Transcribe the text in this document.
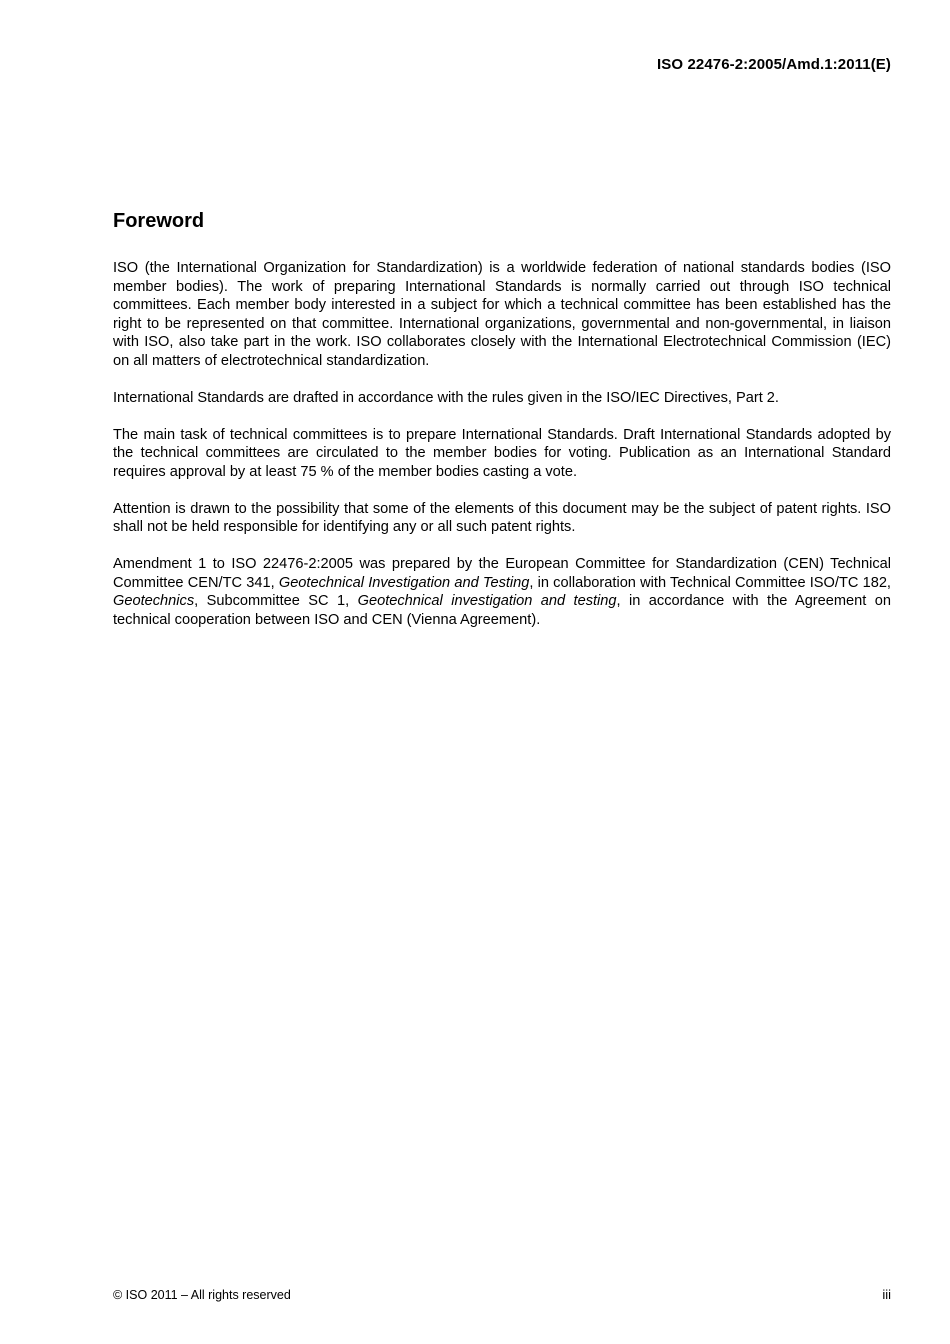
ISO 22476-2:2005/Amd.1:2011(E)
Foreword

ISO (the International Organization for Standardization) is a worldwide federation of national standards bodies (ISO member bodies). The work of preparing International Standards is normally carried out through ISO technical committees. Each member body interested in a subject for which a technical committee has been established has the right to be represented on that committee. International organizations, governmental and non-governmental, in liaison with ISO, also take part in the work. ISO collaborates closely with the International Electrotechnical Commission (IEC) on all matters of electrotechnical standardization.

International Standards are drafted in accordance with the rules given in the ISO/IEC Directives, Part 2.

The main task of technical committees is to prepare International Standards. Draft International Standards adopted by the technical committees are circulated to the member bodies for voting. Publication as an International Standard requires approval by at least 75 % of the member bodies casting a vote.

Attention is drawn to the possibility that some of the elements of this document may be the subject of patent rights. ISO shall not be held responsible for identifying any or all such patent rights.

Amendment 1 to ISO 22476-2:2005 was prepared by the European Committee for Standardization (CEN) Technical Committee CEN/TC 341, Geotechnical Investigation and Testing, in collaboration with Technical Committee ISO/TC 182, Geotechnics, Subcommittee SC 1, Geotechnical investigation and testing, in accordance with the Agreement on technical cooperation between ISO and CEN (Vienna Agreement).

© ISO 2011 – All rights reserved	iii
